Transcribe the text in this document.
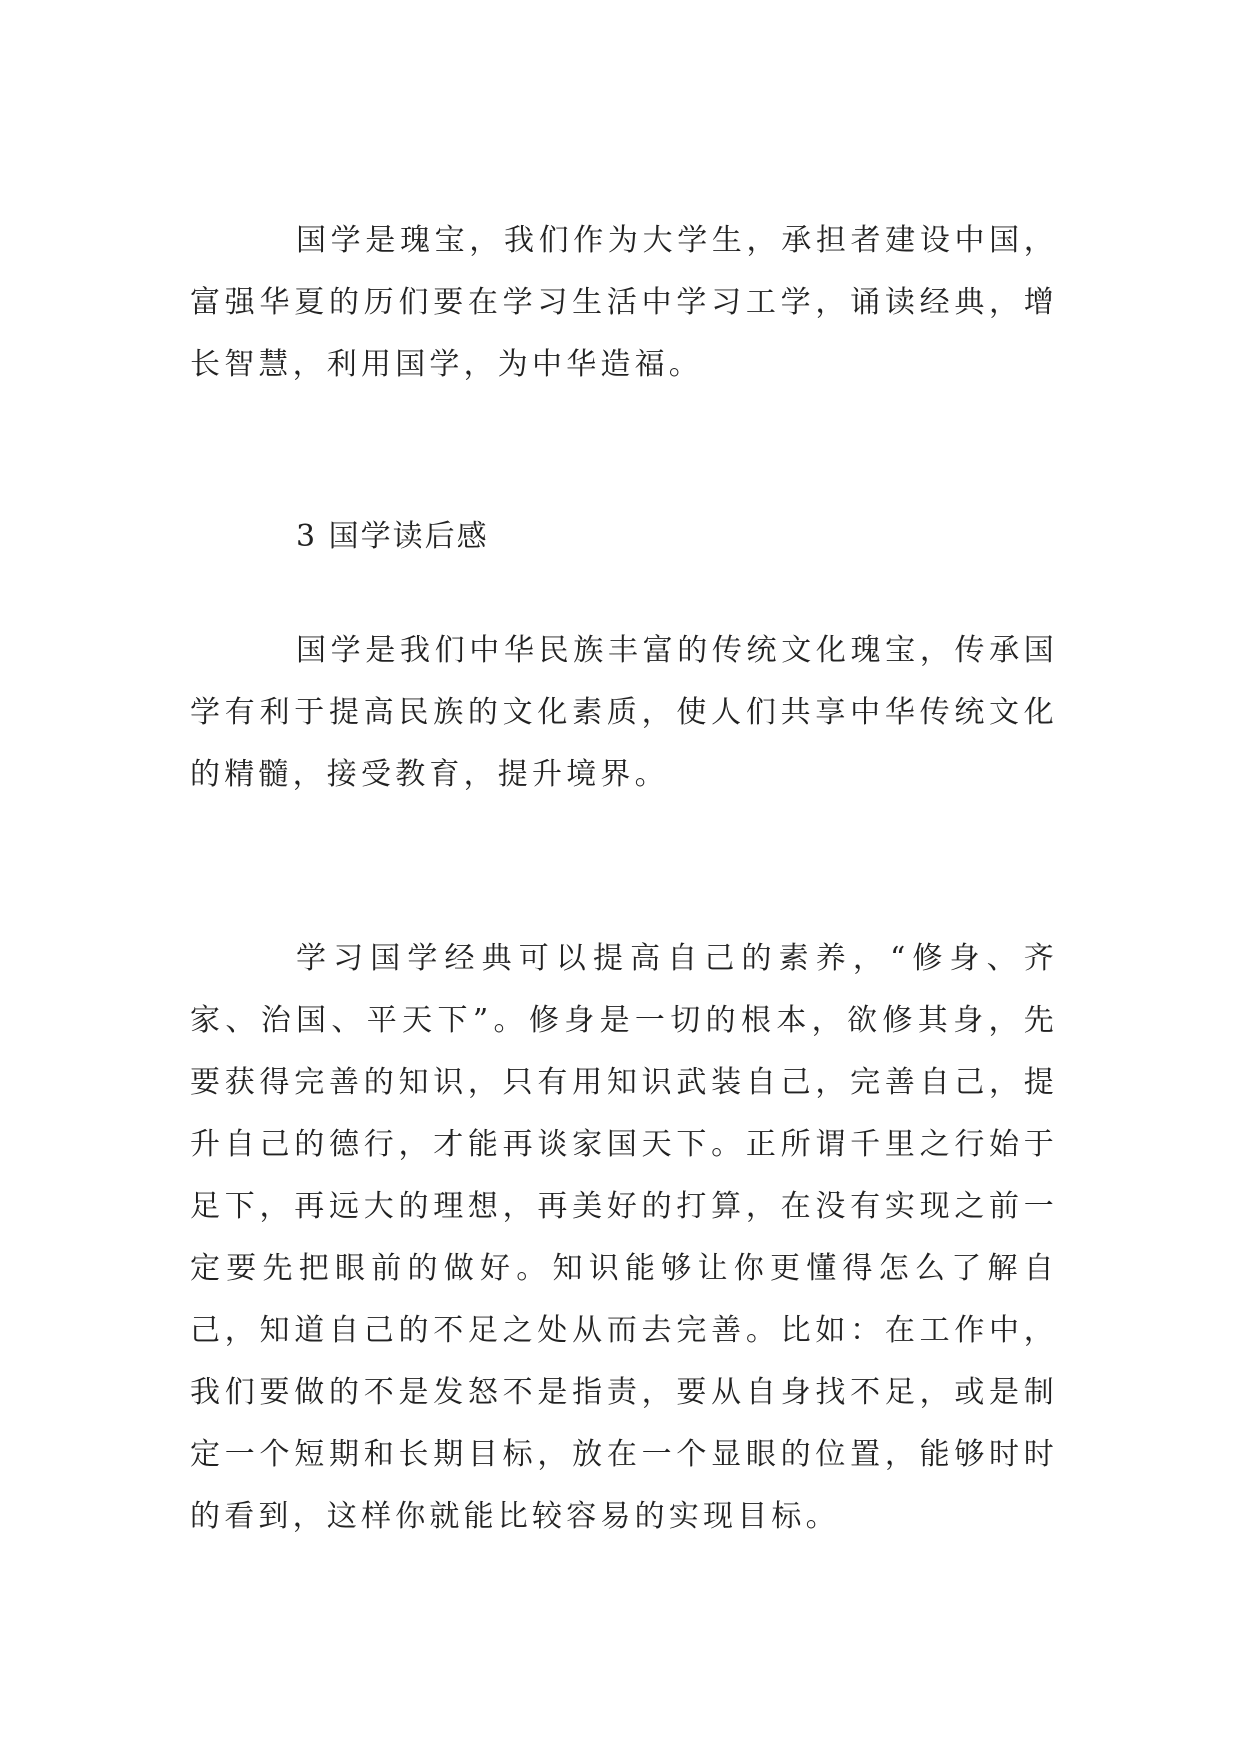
国学是瑰宝，我们作为大学生，承担者建设中国，富强华夏的历们要在学习生活中学习工学，诵读经典，增长智慧，利用国学，为中华造福。

3 国学读后感

国学是我们中华民族丰富的传统文化瑰宝，传承国学有利于提高民族的文化素质，使人们共享中华传统文化的精髓，接受教育，提升境界。

学习国学经典可以提高自己的素养，“修身、齐家、治国、平天下”。修身是一切的根本，欲修其身，先要获得完善的知识，只有用知识武装自己，完善自己，提升自己的德行，才能再谈家国天下。正所谓千里之行始于足下，再远大的理想，再美好的打算，在没有实现之前一定要先把眼前的做好。知识能够让你更懂得怎么了解自己，知道自己的不足之处从而去完善。比如：在工作中，我们要做的不是发怒不是指责，要从自身找不足，或是制定一个短期和长期目标，放在一个显眼的位置，能够时时的看到，这样你就能比较容易的实现目标。
